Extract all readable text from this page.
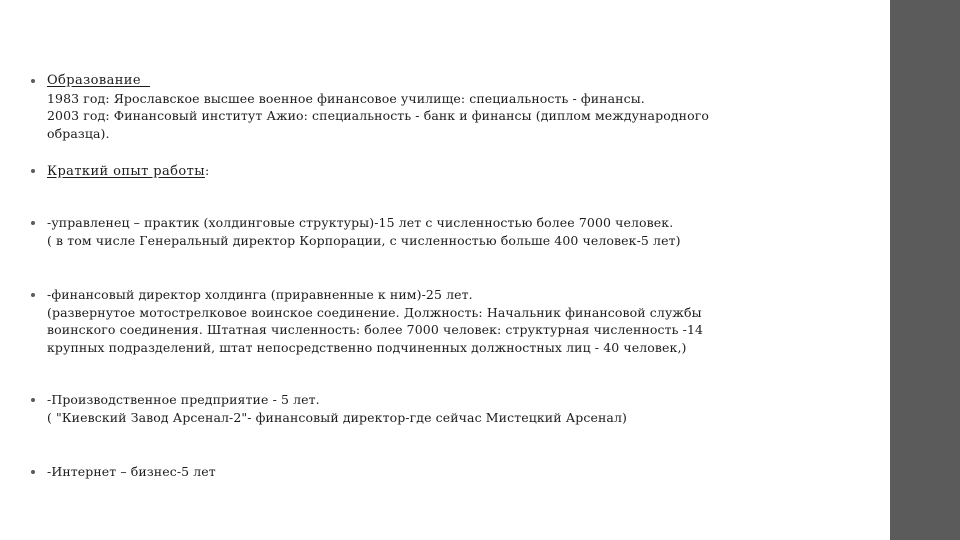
Образование
1983 год: Ярославское высшее военное финансовое училище: специальность - финансы.
2003 год: Финансовый институт Ажио: специальность - банк и финансы (диплом международного
образца).
Краткий опыт работы:
-управленец – практик (холдинговые структуры)-15 лет с численностью более 7000 человек.
( в том числе Генеральный директор Корпорации, с численностью больше 400 человек-5 лет)
-финансовый директор холдинга (приравненные к ним)-25 лет.
(развернутое мотострелковое воинское соединение. Должность: Начальник финансовой службы
воинского соединения. Штатная численность: более 7000 человек: структурная численность -14
крупных подразделений, штат непосредственно подчиненных должностных лиц - 40 человек,)
-Производственное предприятие - 5 лет.
( "Киевский Завод Арсенал-2"- финансовый директор-где сейчас Мистецкий Арсенал)
-Интернет – бизнес-5 лет
